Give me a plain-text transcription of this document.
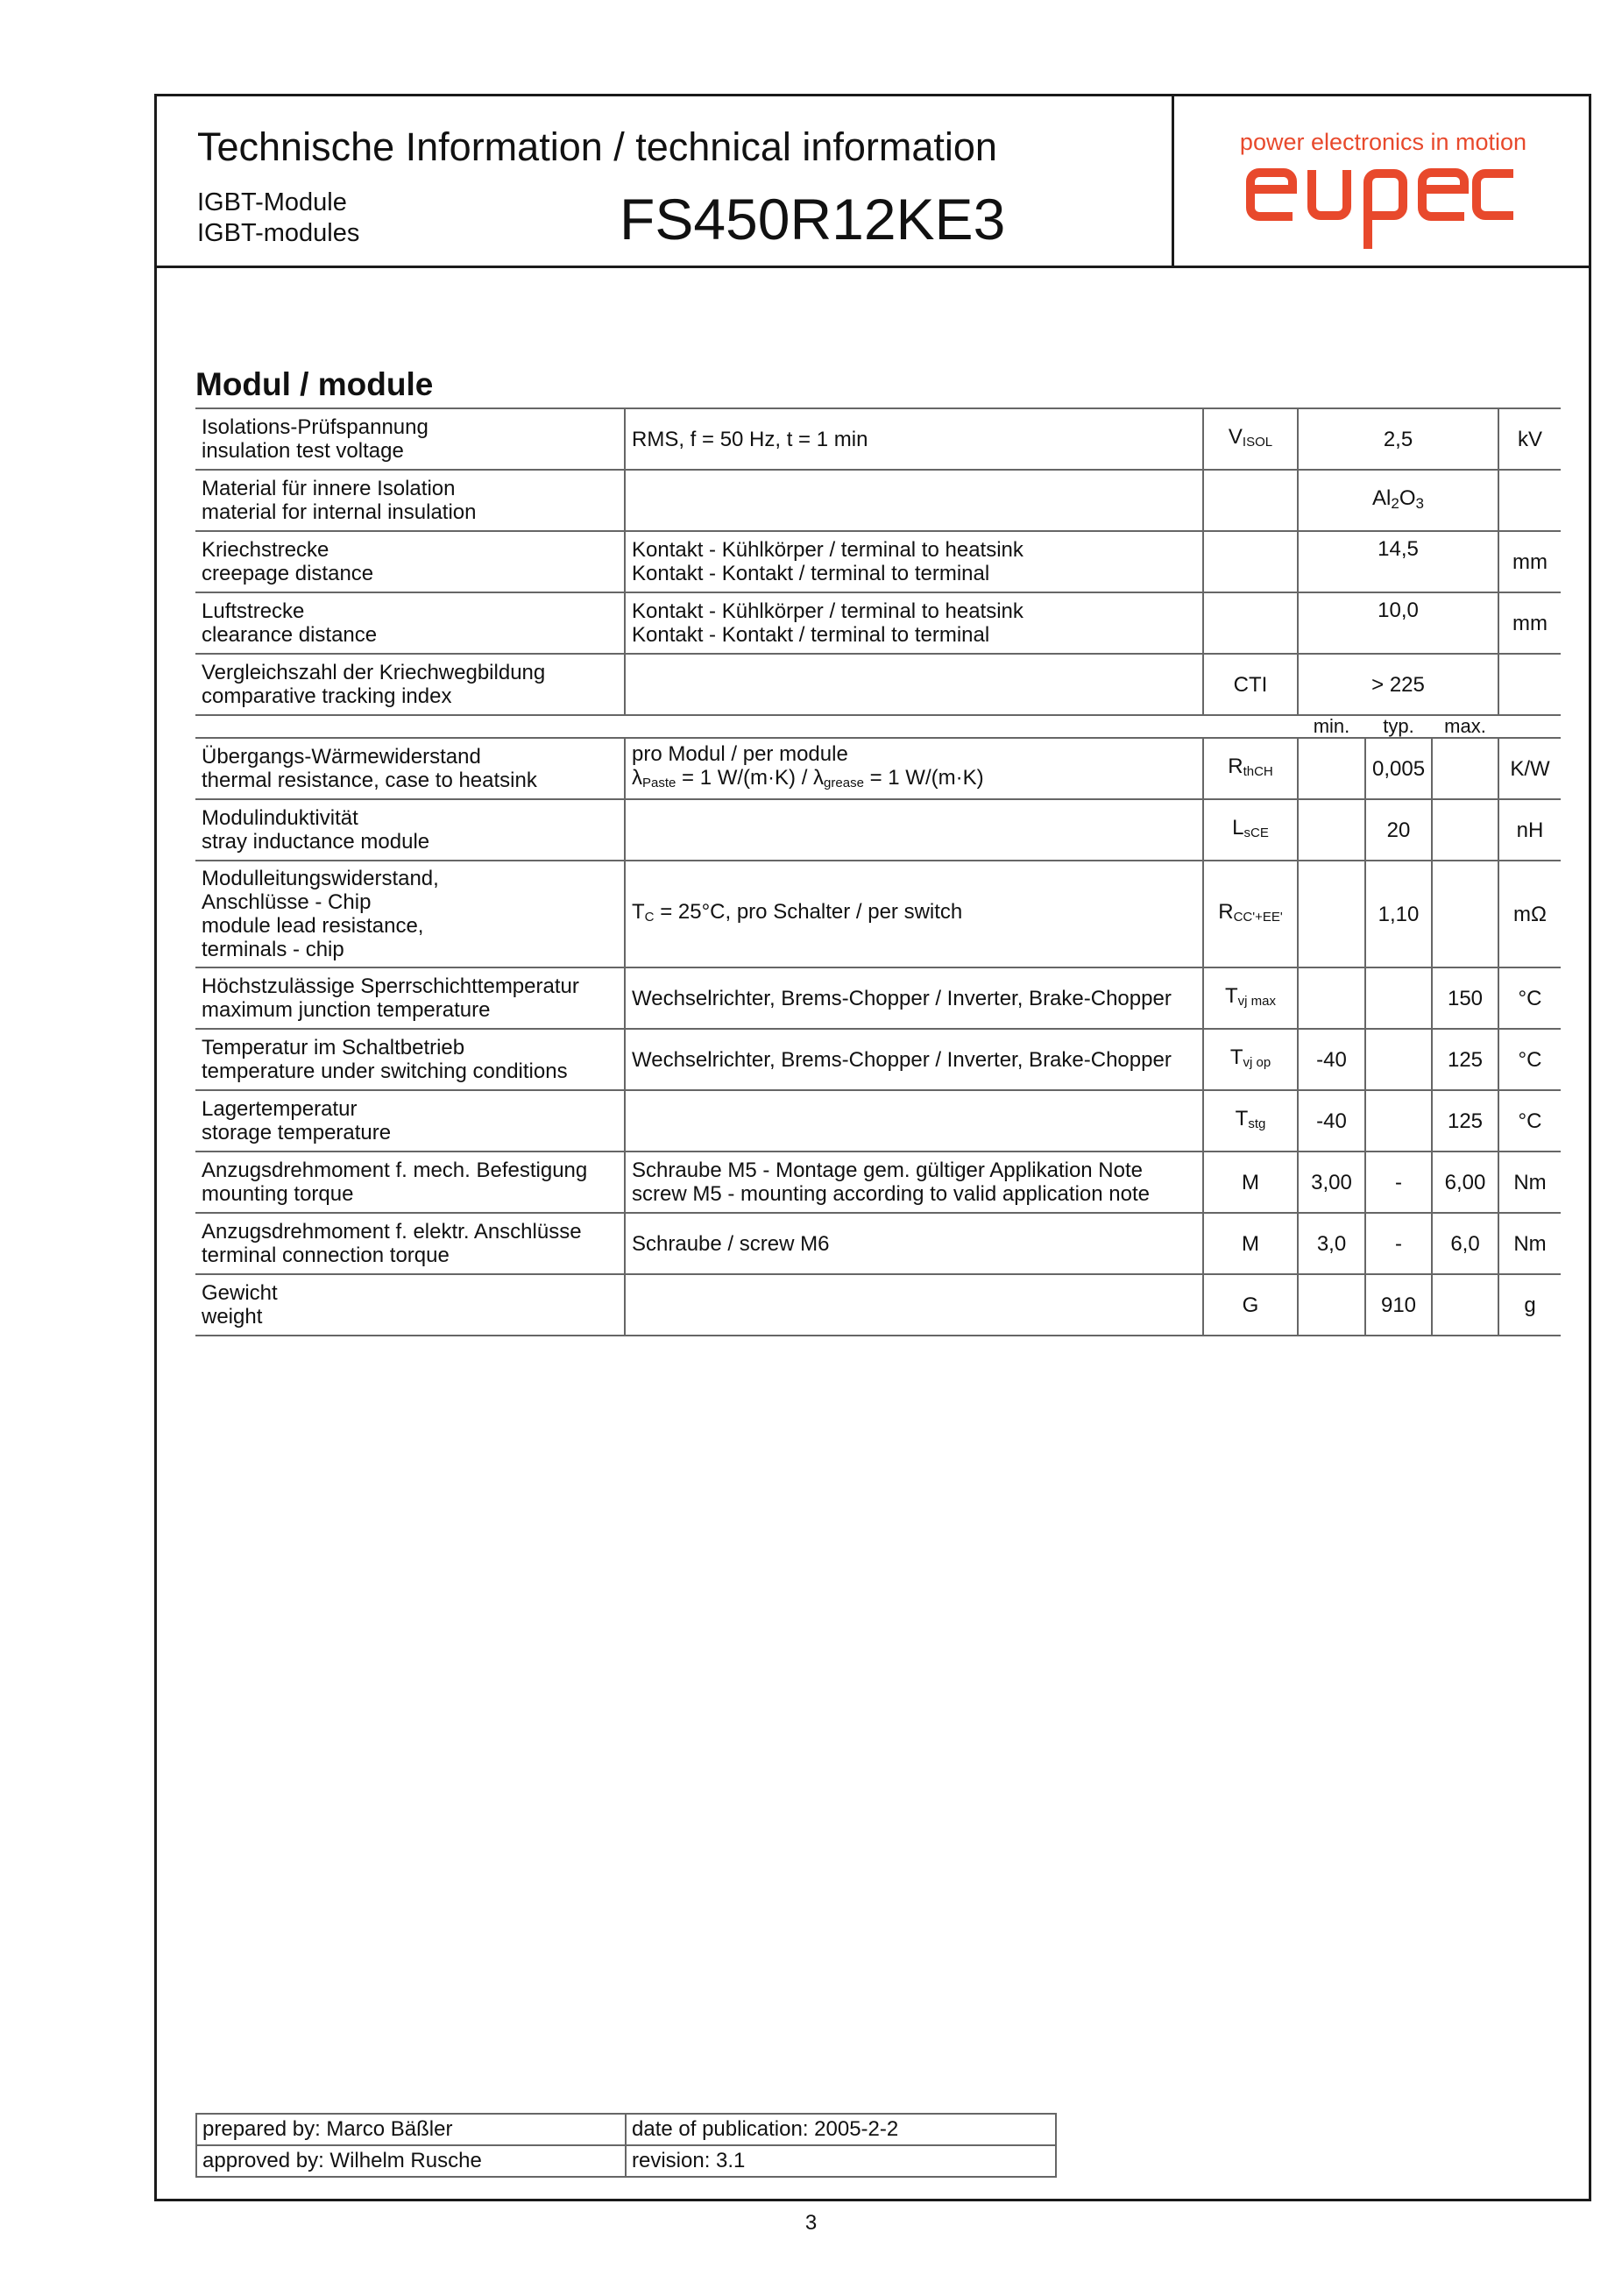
Technische Information / technical information
IGBT-Module
IGBT-modules	FS450R12KE3
power electronics in motion
Modul / module
Isolations-Prüfspannung
insulation test voltage	RMS, f = 50 Hz, t = 1 min	$V_{ISOL}$	2,5			kV

Material für innere Isolation
material for internal insulation			Al2O3			

Kriechstrecke
creepage distance	Kontakt - Kühlkörper / terminal to heatsink
Kontakt - Kontakt / terminal to terminal		14,5			mm

Luftstrecke
clearance distance	Kontakt - Kühlkörper / terminal to heatsink
Kontakt - Kontakt / terminal to terminal		10,0			mm

Vergleichszahl der Kriechwegbildung
comparative tracking index		CTI	> 225			
			min.	typ.	max.	

Übergangs-Wärmewiderstand
thermal resistance, case to heatsink	pro Modul / per module
$\lambda_{Paste} = 1$ $W/(m\cdot K) / \lambda_{grease} = 1$ W/(m·K)	$R_{thCH}$		0,005		K/W

Modulinduktivität
stray inductance module		$L_{sCE}$		20		nH

Modulleitungswiderstand,
Anschlüsse - Chip
module lead resistance,
terminals - chip	$T_C = 25^\circ C$, pro Schalter / per switch	$R_{CC'+EE'}$		1,10		mΩ

Höchstzulässige Sperrschichttemperatur
maximum junction temperature	Wechselrichter, Brems-Chopper / Inverter, Brake-Chopper	$T_{vj max}$			150	°C

Temperatur im Schaltbetrieb
temperature under switching conditions	Wechselrichter, Brems-Chopper / Inverter, Brake-Chopper	$T_{vj op}$	-40		125	°C

Lagertemperatur
storage temperature		$T_{stg}$	-40		125	°C

Anzugsdrehmoment f. mech. Befestigung
mounting torque	Schraube M5 - Montage gem. gültiger Applikation Note
screw M5 - mounting according to valid application note	M	3,00	-	6,00	Nm

Anzugsdrehmoment f. elektr. Anschlüsse
terminal connection torque	Schraube / screw M6	M	3,0	-	6,0	Nm

Gewicht
weight		G		910		g
prepared by: Marco Bäßler	date of publication: 2005-2-2
approved by: Wilhelm Rusche	revision: 3.1
3
